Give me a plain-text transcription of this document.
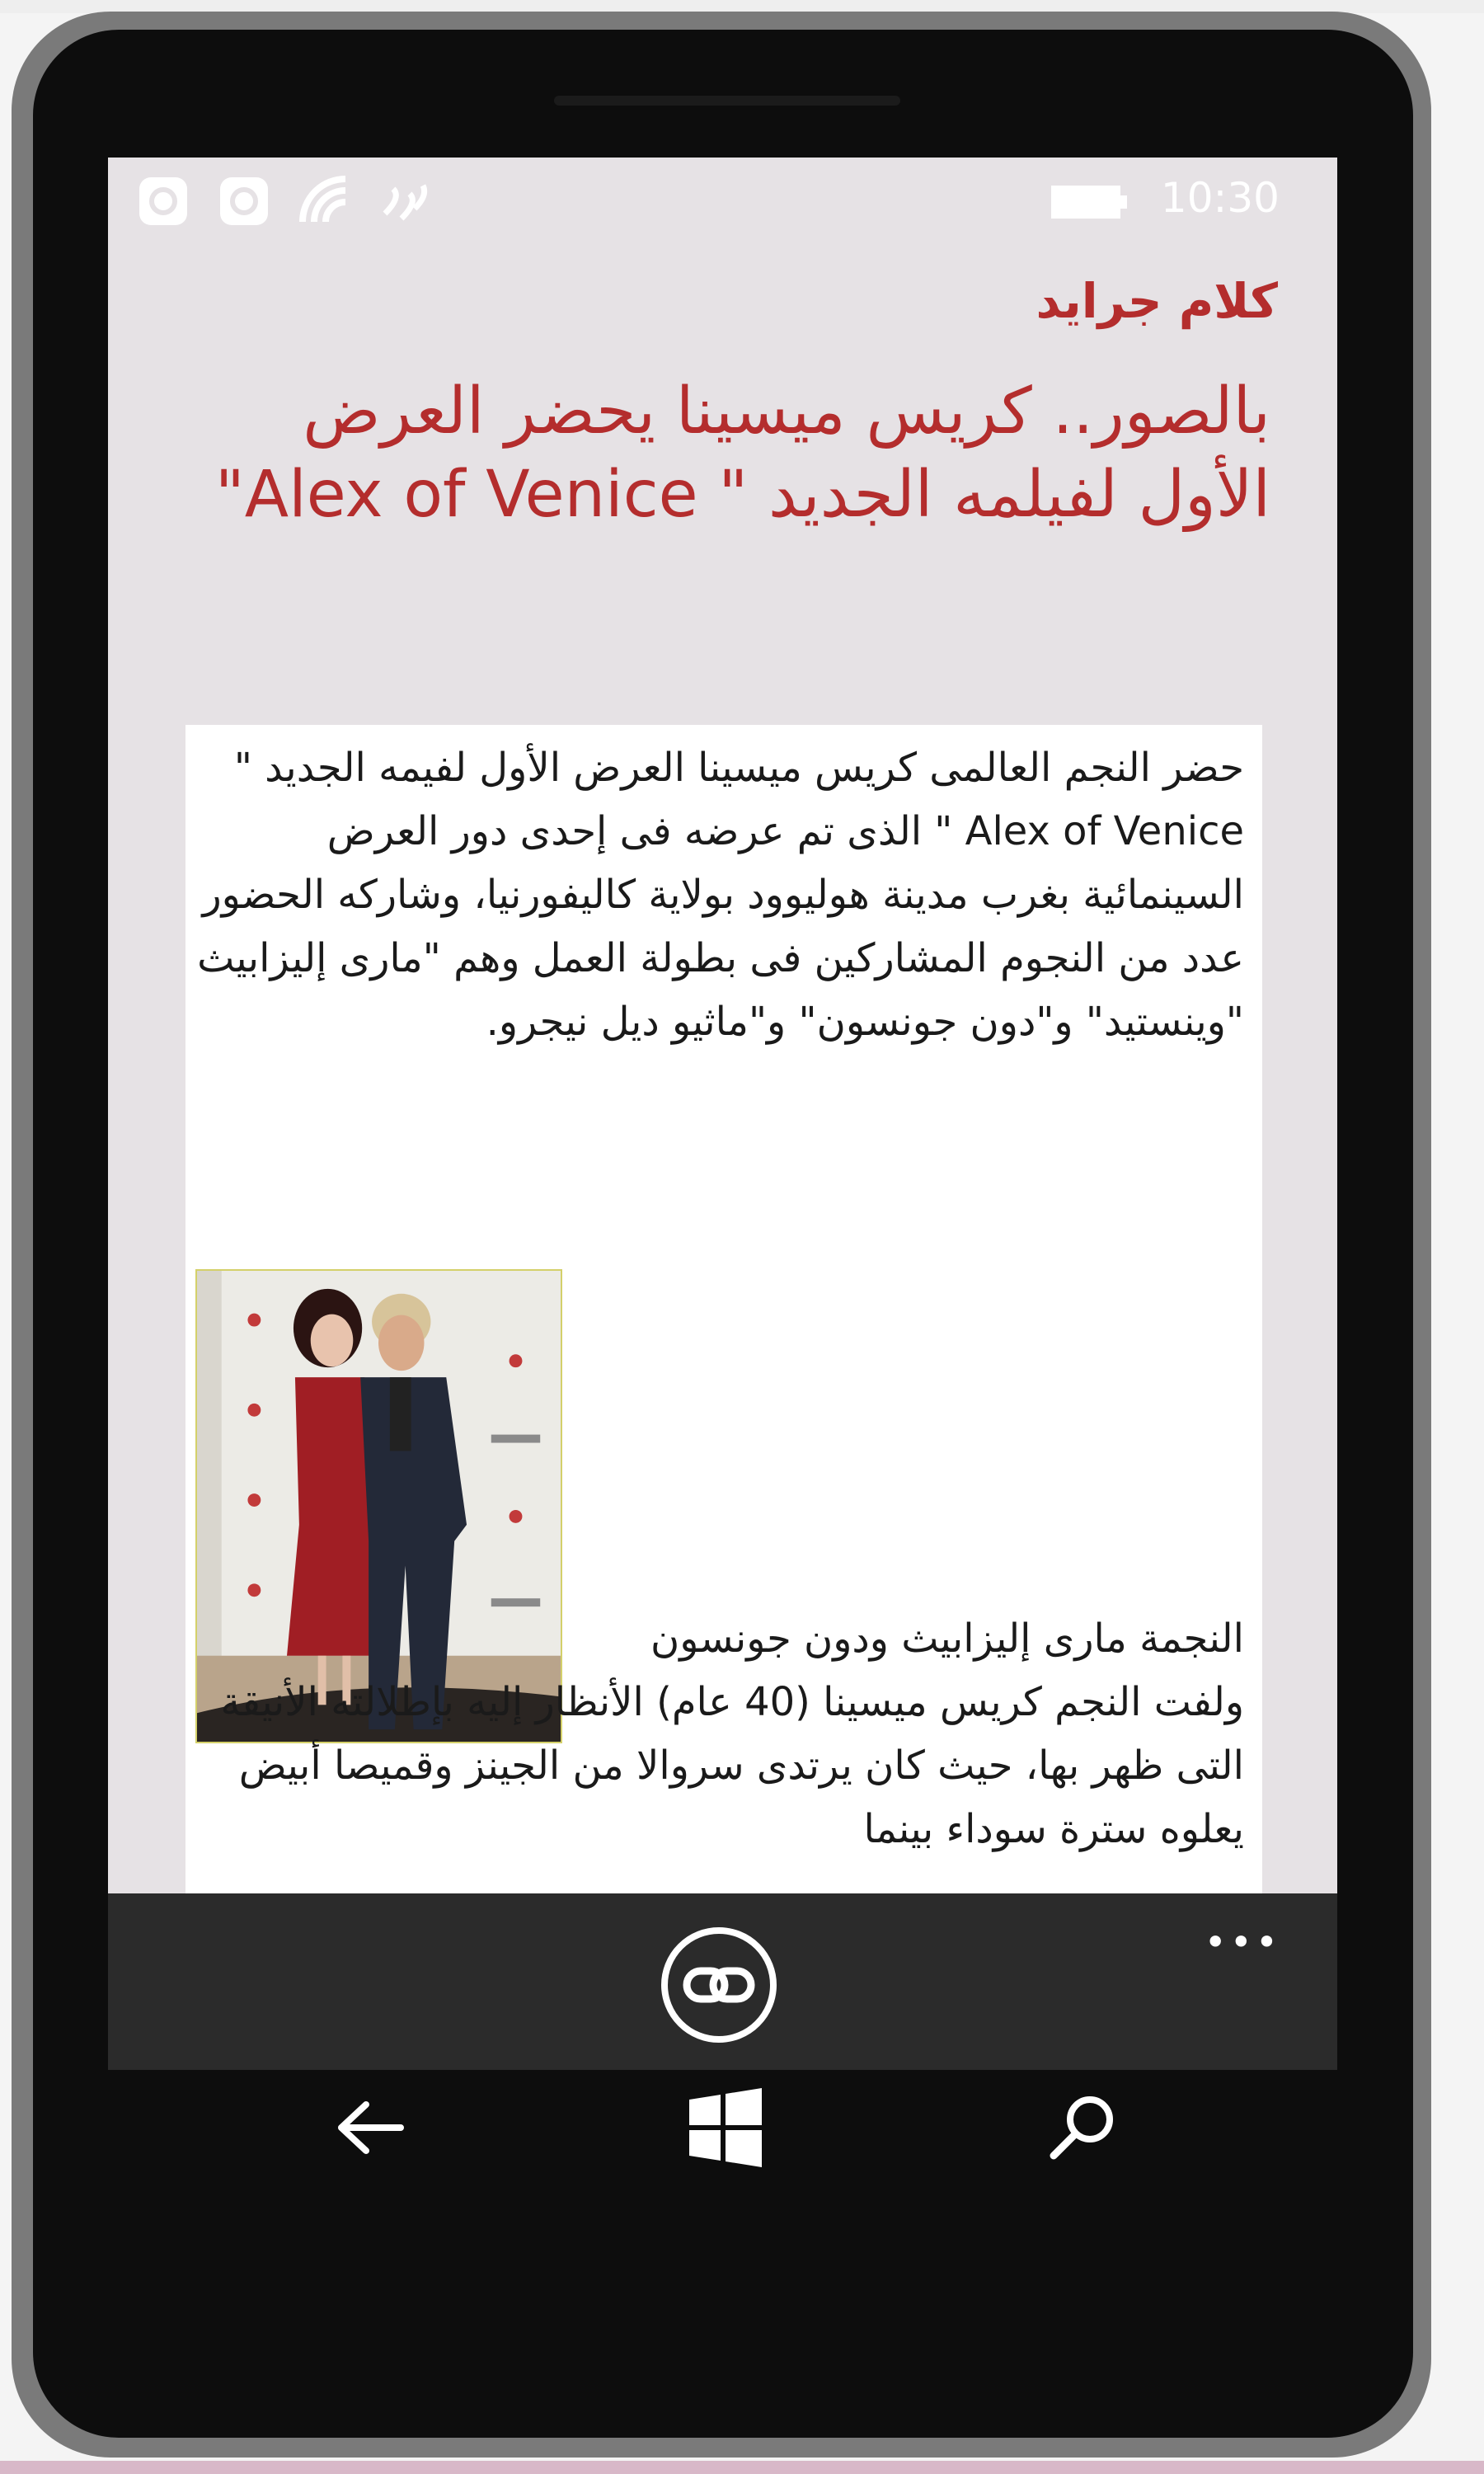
10:30
كلام جرايد
بالصور.. كريس ميسينا يحضر العرض الأول لفيلمه الجديد " Alex of Venice"

حضر النجم العالمى كريس ميسينا العرض الأول لفيمه الجديد " Alex of Venice " الذى تم عرضه فى إحدى دور العرض السينمائية بغرب مدينة هوليوود بولاية كاليفورنيا، وشاركه الحضور عدد من النجوم المشاركين فى بطولة العمل وهم "مارى إليزابيث "وينستيد" و"دون جونسون" و"ماثيو ديل نيجرو.

النجمة مارى إليزابيث ودون جونسون
ولفت النجم كريس ميسينا (40 عام) الأنظار إليه بإطلالته الأنيقة التى ظهر بها، حيث كان يرتدى سروالا من الجينز وقميصا أبيض يعلوه سترة سوداء بينما

•••
